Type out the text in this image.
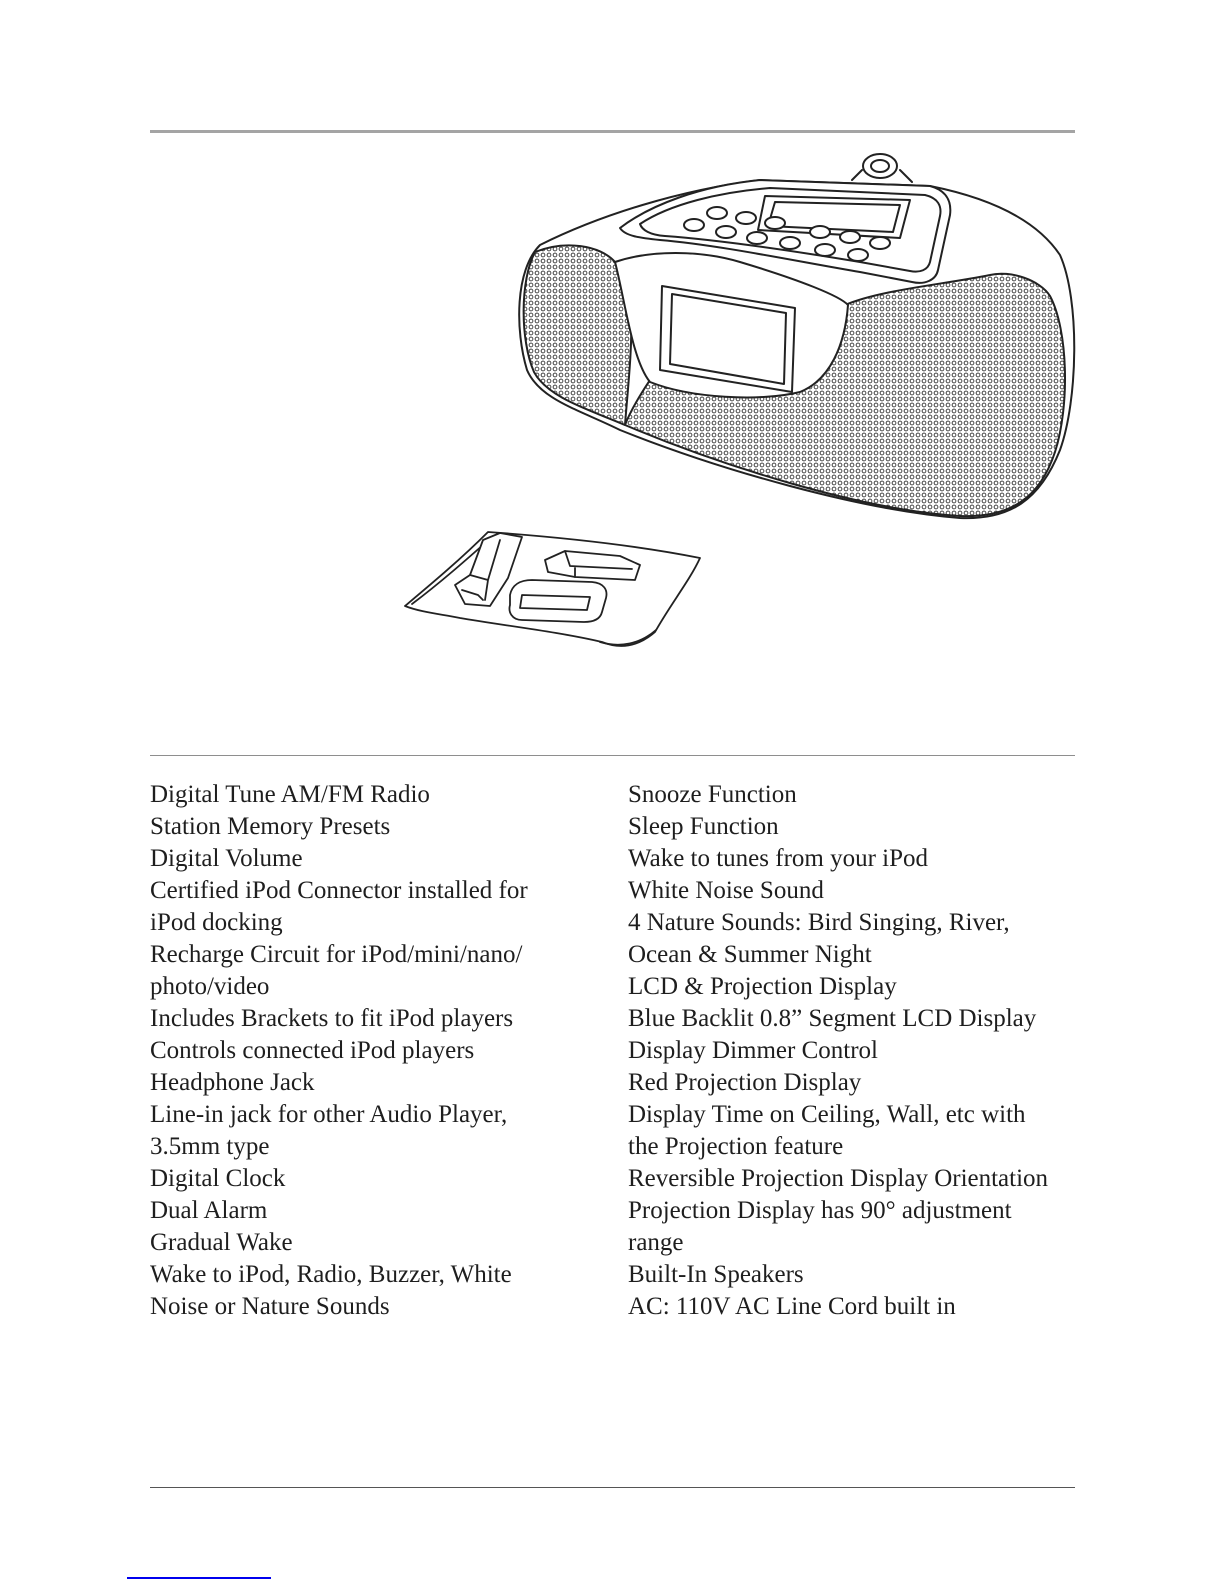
Digital Tune AM/FM Radio
Station Memory Presets
Digital Volume
Certified iPod Connector installed for
iPod docking
Recharge Circuit for iPod/mini/nano/
photo/video
Includes Brackets to fit iPod players
Controls connected iPod players
Headphone Jack
Line-in jack for other Audio Player,
3.5mm type
Digital Clock
Dual Alarm
Gradual Wake
Wake to iPod, Radio, Buzzer, White
Noise or Nature Sounds
Snooze Function
Sleep Function
Wake to tunes from your iPod
White Noise Sound
4 Nature Sounds: Bird Singing, River,
Ocean & Summer Night
LCD & Projection Display
Blue Backlit 0.8” Segment LCD Display
Display Dimmer Control
Red Projection Display
Display Time on Ceiling, Wall, etc with
the Projection feature
Reversible Projection Display Orientation
Projection Display has 90° adjustment
range
Built-In Speakers
AC: 110V AC Line Cord built in
